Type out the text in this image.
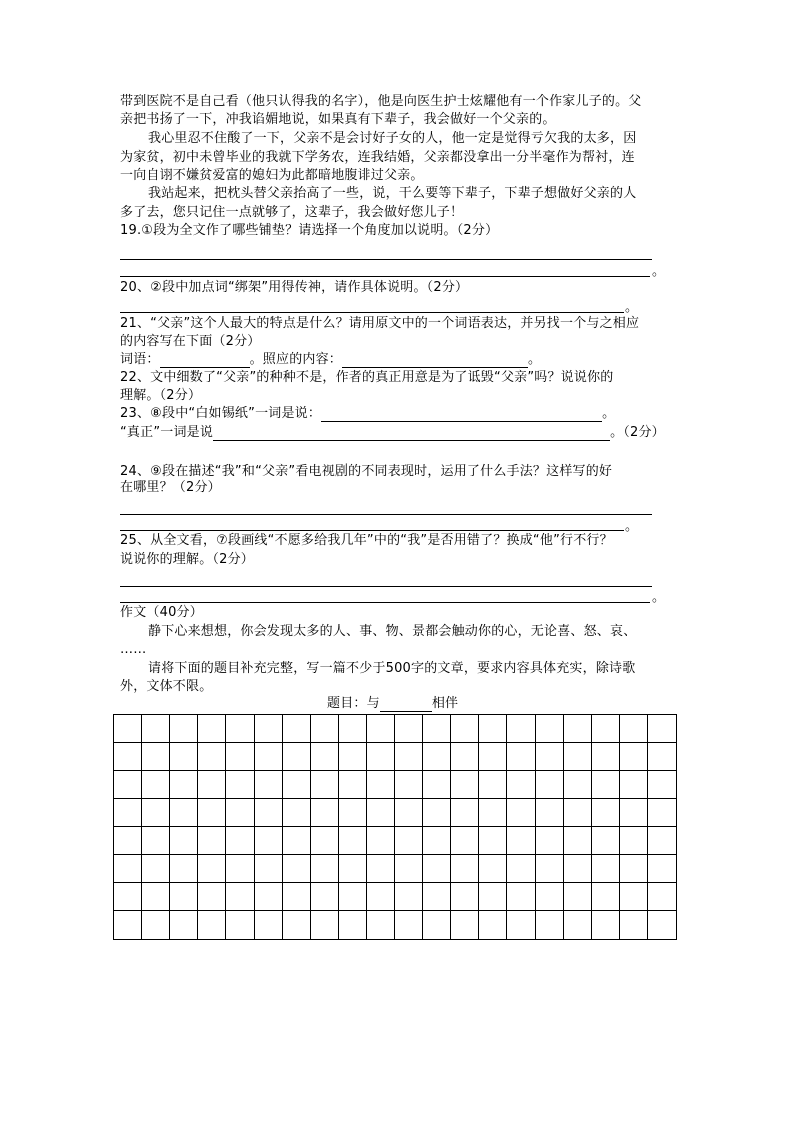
带到医院不是自己看（他只认得我的名字），他是向医生护士炫耀他有一个作家儿子的。父
亲把书扬了一下，冲我谄媚地说，如果真有下辈子，我会做好一个父亲的。
我心里忍不住酸了一下，父亲不是会讨好子女的人，他一定是觉得亏欠我的太多，因
为家贫，初中未曾毕业的我就下学务农，连我结婚，父亲都没拿出一分半毫作为帮衬，连
一向自诩不嫌贫爱富的媳妇为此都暗地腹诽过父亲。
我站起来，把枕头替父亲抬高了一些，说，干么要等下辈子，下辈子想做好父亲的人
多了去，您只记住一点就够了，这辈子，我会做好您儿子！
19.①段为全文作了哪些铺垫？请选择一个角度加以说明。（2分）
。
20、②段中加点词“绑架”用得传神，请作具体说明。（2分）
。
21、“父亲”这个人最大的特点是什么？请用原文中的一个词语表达，并另找一个与之相应
的内容写在下面（2分）
词语：	。照应的内容：	。
22、文中细数了“父亲”的种种不是，作者的真正用意是为了诋毁“父亲”吗？说说你的
理解。（2分）
23、⑧段中“白如锡纸”一词是说：	。
“真正”一词是说	。（2分）
24、⑨段在描述“我”和“父亲”看电视剧的不同表现时，运用了什么手法？这样写的好
在哪里？（2分）
。
25、从全文看，⑦段画线“不愿多给我几年”中的“我”是否用错了？换成“他”行不行？
说说你的理解。（2分）
。
作文（40分）
静下心来想想，你会发现太多的人、事、物、景都会触动你的心，无论喜、怒、哀、
……
请将下面的题目补充完整，写一篇不少于500字的文章，要求内容具体充实，除诗歌
外，文体不限。
题目：与	相伴
